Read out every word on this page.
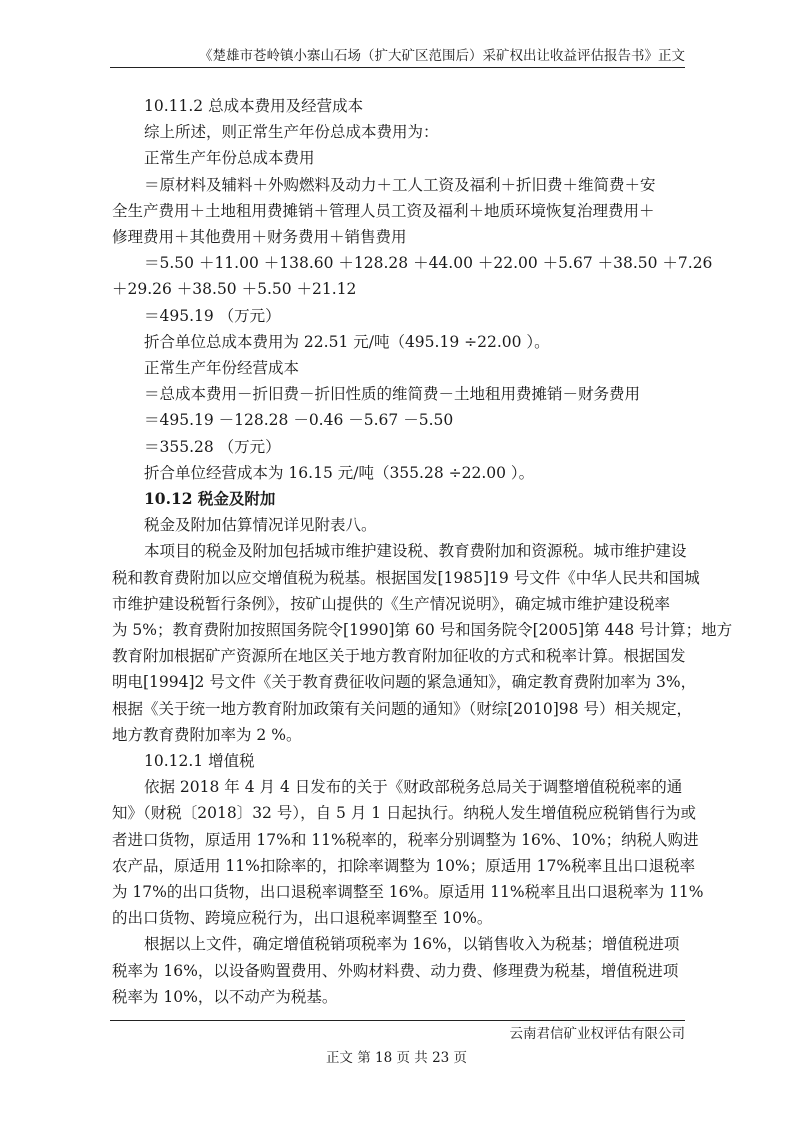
《楚雄市苍岭镇小寨山石场（扩大矿区范围后）采矿权出让收益评估报告书》正文
10.11.2 总成本费用及经营成本
综上所述，则正常生产年份总成本费用为：
正常生产年份总成本费用
＝原材料及辅料＋外购燃料及动力＋工人工资及福利＋折旧费＋维简费＋安
全生产费用＋土地租用费摊销＋管理人员工资及福利＋地质环境恢复治理费用＋
修理费用＋其他费用＋财务费用＋销售费用
＝5.50 ＋11.00 ＋138.60 ＋128.28 ＋44.00 ＋22.00 ＋5.67 ＋38.50 ＋7.26
＋29.26 ＋38.50 ＋5.50 ＋21.12
＝495.19 （万元）
折合单位总成本费用为 22.51 元/吨（495.19 ÷22.00 ）。
正常生产年份经营成本
＝总成本费用－折旧费－折旧性质的维简费－土地租用费摊销－财务费用
＝495.19 －128.28 －0.46 －5.67 －5.50
＝355.28 （万元）
折合单位经营成本为 16.15 元/吨（355.28 ÷22.00 ）。
10.12 税金及附加
税金及附加估算情况详见附表八。
本项目的税金及附加包括城市维护建设税、教育费附加和资源税。城市维护建设
税和教育费附加以应交增值税为税基。根据国发[1985]19 号文件《中华人民共和国城
市维护建设税暂行条例》，按矿山提供的《生产情况说明》，确定城市维护建设税率
为 5%；教育费附加按照国务院令[1990]第 60 号和国务院令[2005]第 448 号计算；地方
教育附加根据矿产资源所在地区关于地方教育附加征收的方式和税率计算。根据国发
明电[1994]2 号文件《关于教育费征收问题的紧急通知》，确定教育费附加率为 3%，
根据《关于统一地方教育附加政策有关问题的通知》（财综[2010]98 号）相关规定，
地方教育费附加率为 2 %。
10.12.1 增值税
依据 2018 年 4 月 4 日发布的关于《财政部税务总局关于调整增值税税率的通
知》（财税〔2018〕32 号），自 5 月 1 日起执行。纳税人发生增值税应税销售行为或
者进口货物，原适用 17%和 11%税率的，税率分别调整为 16%、10%；纳税人购进
农产品，原适用 11%扣除率的，扣除率调整为 10%；原适用 17%税率且出口退税率
为 17%的出口货物，出口退税率调整至 16%。原适用 11%税率且出口退税率为 11%
的出口货物、跨境应税行为，出口退税率调整至 10%。
根据以上文件，确定增值税销项税率为 16%，以销售收入为税基；增值税进项
税率为 16%，以设备购置费用、外购材料费、动力费、修理费为税基，增值税进项
税率为 10%，以不动产为税基。
云南君信矿业权评估有限公司
正文 第 18 页 共 23 页
